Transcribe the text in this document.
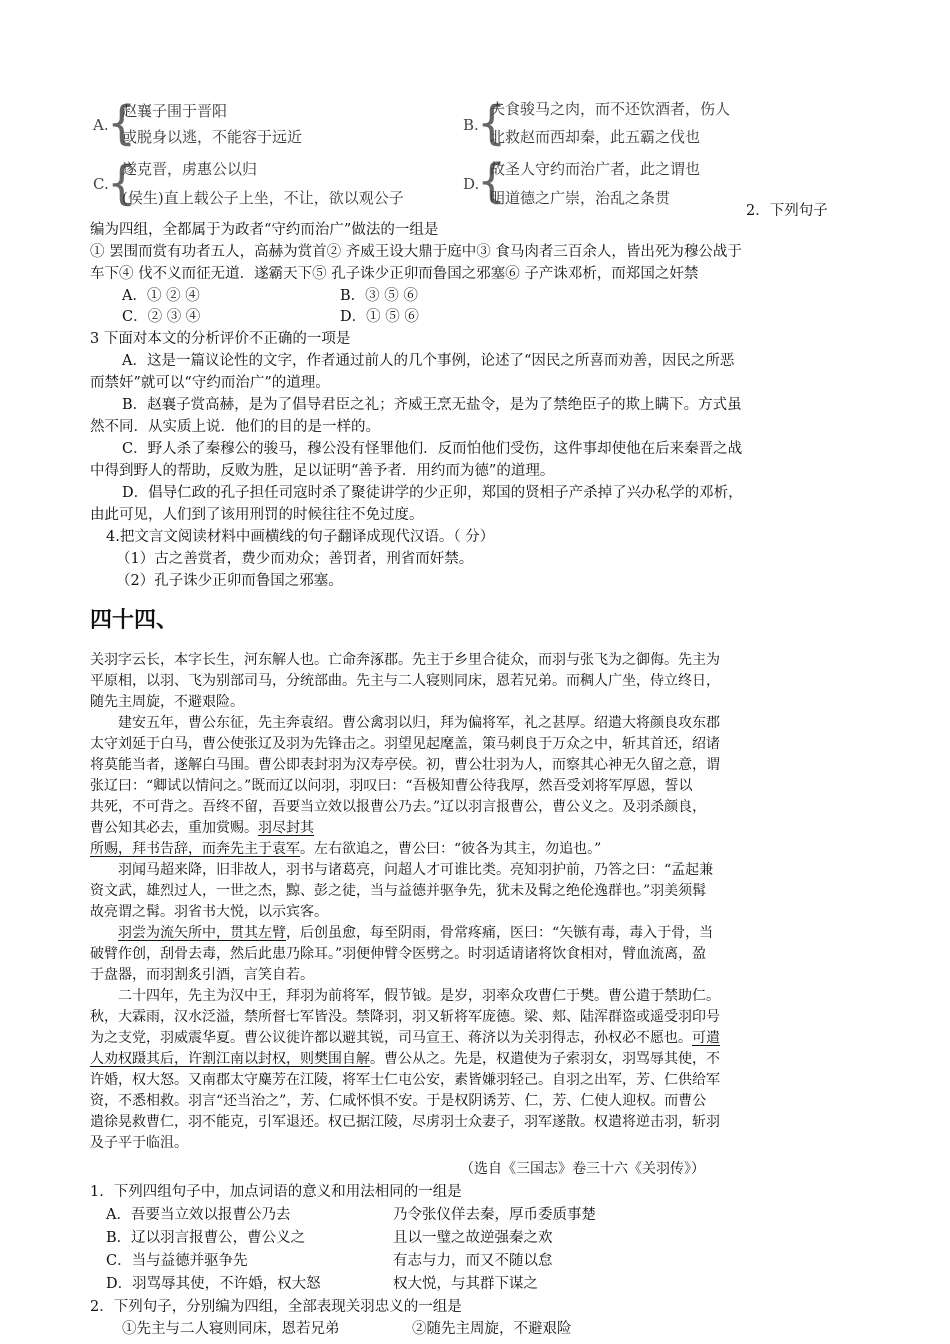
A.
{
赵襄子围于晋阳
或脱身以逃，不能容于远近
B.
{
夫食骏马之肉，而不还饮酒者，伤人
北救赵而西却秦，此五霸之伐也
C.
{
遂克晋，虏惠公以归
(侯生)直上载公子上坐，不让，欲以观公子
D.
{
故圣人守约而治广者，此之谓也
明道德之广崇，治乱之条贯
2．下列句子
编为四组，全都属于为政者“守约而治广”做法的一组是
① 罢围而赏有功者五人，高赫为赏首② 齐威王设大鼎于庭中③ 食马肉者三百余人，皆出死为穆公战于
车下④ 伐不义而征无道．遂霸天下⑤ 孔子诛少正卯而鲁国之邪塞⑥ 子产诛邓析，而郑国之奸禁
A．① ② ④	B．③ ⑤ ⑥
C．② ③ ④	D．① ⑤ ⑥
3 下面对本文的分析评价不正确的一项是
A．这是一篇议论性的文字，作者通过前人的几个事例，论述了“因民之所喜而劝善，因民之所恶
而禁奸”就可以“守约而治广”的道理。
B．赵襄子赏高赫，是为了倡导君臣之礼；齐威王烹无盐令，是为了禁绝臣子的欺上瞒下。方式虽
然不同．从实质上说．他们的目的是一样的。
C．野人杀了秦穆公的骏马，穆公没有怪罪他们．反而怕他们受伤，这件事却使他在后来秦晋之战
中得到野人的帮助，反败为胜，足以证明“善予者．用约而为德”的道理。
D．倡导仁政的孔子担任司寇时杀了聚徒讲学的少正卯，郑国的贤相子产杀掉了兴办私学的邓析，
由此可见，人们到了该用刑罚的时候往往不免过度。
4.把文言文阅读材料中画横线的句子翻译成现代汉语。（ 分）
（1）古之善赏者，费少而劝众；善罚者，刑省而奸禁。
（2）孔子诛少正卯而鲁国之邪塞。
四十四、
关羽字云长，本字长生，河东解人也。亡命奔涿郡。先主于乡里合徒众，而羽与张飞为之御侮。先主为
平原相，以羽、飞为别部司马，分统部曲。先主与二人寝则同床，恩若兄弟。而稠人广坐，侍立终日，
随先主周旋，不避艰险。
建安五年，曹公东征，先主奔袁绍。曹公禽羽以归，拜为偏将军，礼之甚厚。绍遣大将颜良攻东郡
太守刘延于白马，曹公使张辽及羽为先锋击之。羽望见起麾盖，策马刺良于万众之中，斩其首还，绍诸
将莫能当者，遂解白马围。曹公即表封羽为汉寿亭侯。初，曹公壮羽为人，而察其心神无久留之意，谓
张辽曰：“卿试以情问之。”既而辽以问羽，羽叹曰：“吾极知曹公待我厚，然吾受刘将军厚恩，誓以
共死，不可背之。吾终不留，吾要当立效以报曹公乃去。”辽以羽言报曹公，曹公义之。及羽杀颜良，
曹公知其必去，重加赏赐。羽尽封其
所赐，拜书告辞，而奔先主于袁军。左右欲追之，曹公曰：“彼各为其主，勿追也。”
羽闻马超来降，旧非故人，羽书与诸葛亮，问超人才可谁比类。亮知羽护前，乃答之曰：“孟起兼
资文武，雄烈过人，一世之杰，黥、彭之徒，当与益德并驱争先，犹未及髯之绝伦逸群也。”羽美须髯
故亮谓之髯。羽省书大悦，以示宾客。
羽尝为流矢所中，贯其左臂，后创虽愈，每至阴雨，骨常疼痛，医曰：“矢镞有毒，毒入于骨，当
破臂作创，刮骨去毒，然后此患乃除耳。”羽便伸臂令医劈之。时羽适请诸将饮食相对，臂血流离，盈
于盘器，而羽割炙引酒，言笑自若。
二十四年，先主为汉中王，拜羽为前将军，假节钺。是岁，羽率众攻曹仁于樊。曹公遣于禁助仁。
秋，大霖雨，汉水泛溢，禁所督七军皆没。禁降羽，羽又斩将军庞德。梁、郏、陆浑群盗或遥受羽印号
为之支党，羽威震华夏。曹公议徙许都以避其锐，司马宣王、蒋济以为关羽得志，孙权必不愿也。可遣
人劝权蹑其后，许割江南以封权，则樊围自解。曹公从之。先是，权遣使为子索羽女，羽骂辱其使，不
许婚，权大怒。又南郡太守麋芳在江陵，将军士仁屯公安，素皆嫌羽轻己。自羽之出军，芳、仁供给军
资，不悉相救。羽言“还当治之”，芳、仁咸怀惧不安。于是权阴诱芳、仁，芳、仁使人迎权。而曹公
遣徐晃救曹仁，羽不能克，引军退还。权已据江陵，尽虏羽士众妻子，羽军遂散。权遣将逆击羽，斩羽
及子平于临沮。
（选自《三国志》卷三十六《关羽传》）
1．下列四组句子中，加点词语的意义和用法相同的一组是
A．吾要当立效以报曹公乃去	乃令张仪佯去秦，厚币委质事楚
B．辽以羽言报曹公，曹公义之	且以一璧之故逆强秦之欢
C．当与益德并驱争先	有志与力，而又不随以怠
D．羽骂辱其使，不许婚，权大怒	权大悦，与其群下谋之
2．下列句子，分别编为四组，全部表现关羽忠义的一组是
①先主与二人寝则同床，恩若兄弟	②随先主周旋，不避艰险
